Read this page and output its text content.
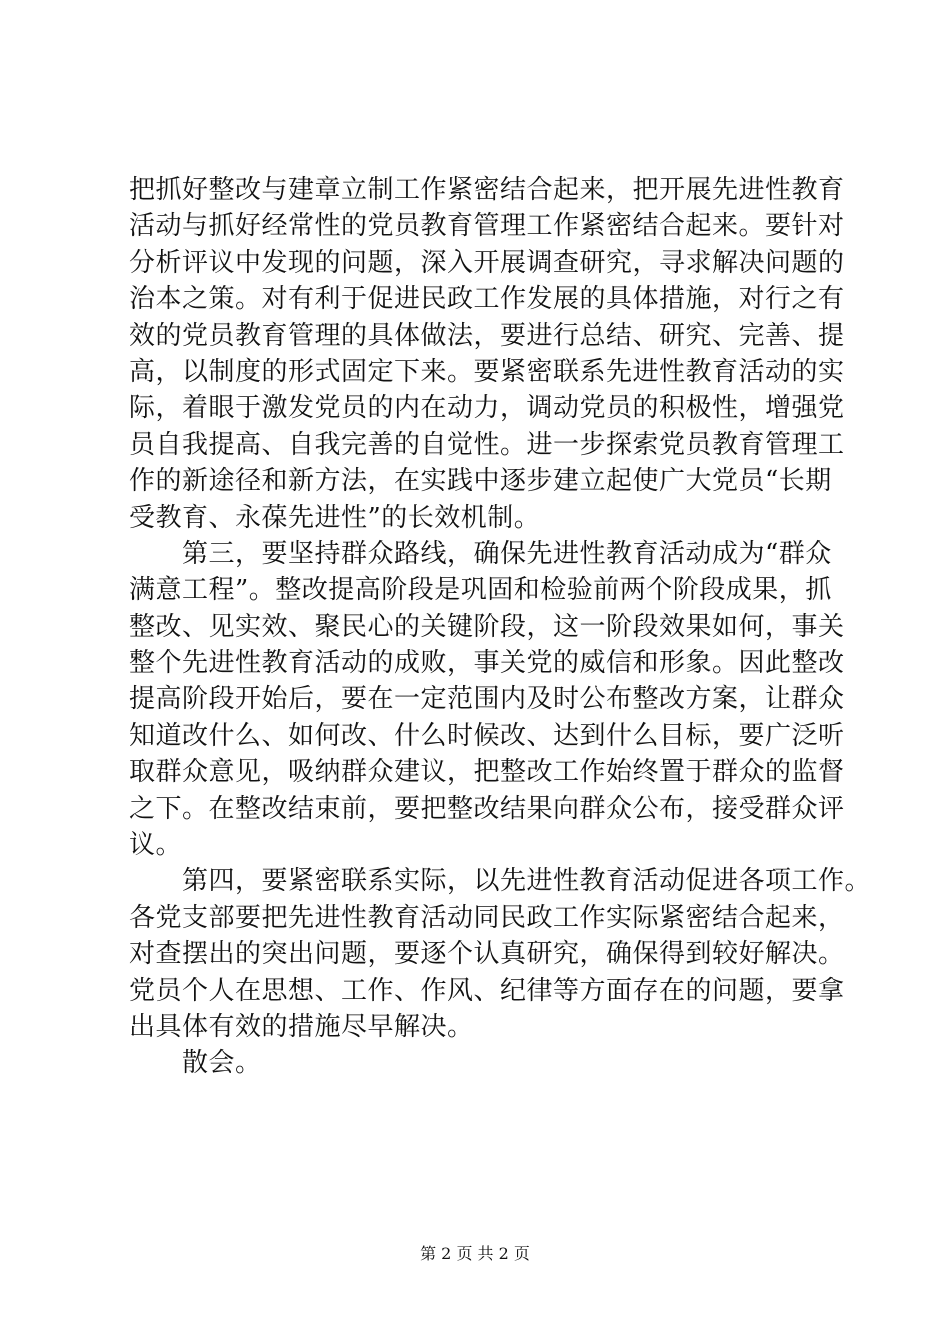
把抓好整改与建章立制工作紧密结合起来，把开展先进性教育
活动与抓好经常性的党员教育管理工作紧密结合起来。要针对
分析评议中发现的问题，深入开展调查研究，寻求解决问题的
治本之策。对有利于促进民政工作发展的具体措施，对行之有
效的党员教育管理的具体做法，要进行总结、研究、完善、提
高，以制度的形式固定下来。要紧密联系先进性教育活动的实
际，着眼于激发党员的内在动力，调动党员的积极性，增强党
员自我提高、自我完善的自觉性。进一步探索党员教育管理工
作的新途径和新方法，在实践中逐步建立起使广大党员“长期
受教育、永葆先进性”的长效机制。
　　第三，要坚持群众路线，确保先进性教育活动成为“群众
满意工程”。整改提高阶段是巩固和检验前两个阶段成果，抓
整改、见实效、聚民心的关键阶段，这一阶段效果如何，事关
整个先进性教育活动的成败，事关党的威信和形象。因此整改
提高阶段开始后，要在一定范围内及时公布整改方案，让群众
知道改什么、如何改、什么时候改、达到什么目标，要广泛听
取群众意见，吸纳群众建议，把整改工作始终置于群众的监督
之下。在整改结束前，要把整改结果向群众公布，接受群众评
议。
　　第四，要紧密联系实际，以先进性教育活动促进各项工作。
各党支部要把先进性教育活动同民政工作实际紧密结合起来，
对查摆出的突出问题，要逐个认真研究，确保得到较好解决。
党员个人在思想、工作、作风、纪律等方面存在的问题，要拿
出具体有效的措施尽早解决。
　　散会。
第 2 页 共 2 页
